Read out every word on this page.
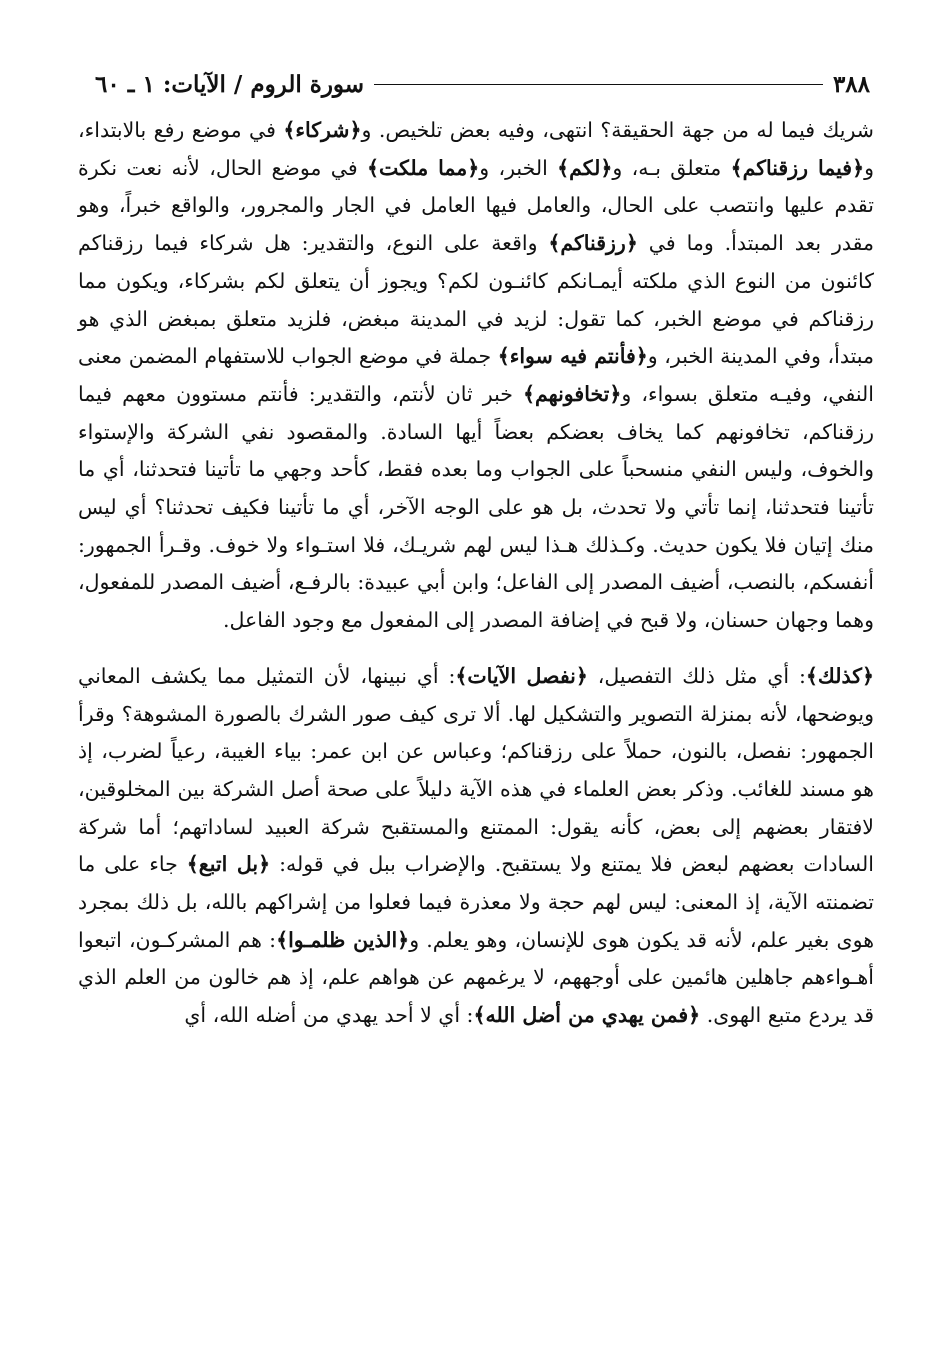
٣٨٨
سورة الروم / الآيات: ١ ـ ٦٠

شريك فيما له من جهة الحقيقة؟ انتهى، وفيه بعض تلخيص. و﴿شركاء﴾ في موضع رفع بالابتداء، و﴿فيما رزقناكم﴾ متعلق بـه، و﴿لكم﴾ الخبر، و﴿مما ملكت﴾ في موضع الحال، لأنه نعت نكرة تقدم عليها وانتصب على الحال، والعامل فيها العامل في الجار والمجرور، والواقع خبراً، وهو مقدر بعد المبتدأ. وما في ﴿رزقناكم﴾ واقعة على النوع، والتقدير: هل شركاء فيما رزقناكم كائنون من النوع الذي ملكته أيمـانكم كائنـون لكم؟ ويجوز أن يتعلق لكم بشركاء، ويكون مما رزقناكم في موضع الخبر، كما تقول: لزيد في المدينة مبغض، فلزيد متعلق بمبغض الذي هو مبتدأ، وفي المدينة الخبر، و﴿فأنتم فيه سواء﴾ جملة في موضع الجواب للاستفهام المضمن معنى النفي، وفيـه متعلق بسواء، و﴿تخافونهم﴾ خبر ثان لأنتم، والتقدير: فأنتم مستوون معهم فيما رزقناكم، تخافونهم كما يخاف بعضكم بعضاً أيها السادة. والمقصود نفي الشركة والإستواء والخوف، وليس النفي منسحباً على الجواب وما بعده فقط، كأحد وجهي ما تأتينا فتحدثنا، أي ما تأتينا فتحدثنا، إنما تأتي ولا تحدث، بل هو على الوجه الآخر، أي ما تأتينا فكيف تحدثنا؟ أي ليس منك إتيان فلا يكون حديث. وكـذلك هـذا ليس لهم شريـك، فلا استـواء ولا خوف. وقـرأ الجمهور: أنفسكم، بالنصب، أضيف المصدر إلى الفاعل؛ وابن أبي عبيدة: بالرفـع، أضيف المصدر للمفعول، وهما وجهان حسنان، ولا قبح في إضافة المصدر إلى المفعول مع وجود الفاعل.

﴿كذلك﴾: أي مثل ذلك التفصيل، ﴿نفصل الآيات﴾: أي نبينها، لأن التمثيل مما يكشف المعاني ويوضحها، لأنه بمنزلة التصوير والتشكيل لها. ألا ترى كيف صور الشرك بالصورة المشوهة؟ وقرأ الجمهور: نفصل، بالنون، حملاً على رزقناكم؛ وعباس عن ابن عمر: بياء الغيبة، رعياً لضرب، إذ هو مسند للغائب. وذكر بعض العلماء في هذه الآية دليلاً على صحة أصل الشركة بين المخلوقين، لافتقار بعضهم إلى بعض، كأنه يقول: الممتنع والمستقبح شركة العبيد لساداتهم؛ أما شركة السادات بعضهم لبعض فلا يمتنع ولا يستقبح. والإضراب ببل في قوله: ﴿بل اتبع﴾ جاء على ما تضمنته الآية، إذ المعنى: ليس لهم حجة ولا معذرة فيما فعلوا من إشراكهم بالله، بل ذلك بمجرد هوى بغير علم، لأنه قد يكون هوى للإنسان، وهو يعلم. و﴿الذين ظلمـوا﴾: هم المشركـون، اتبعوا أهـواءهم جاهلين هائمين على أوجههم، لا يرغمهم عن هواهم علم، إذ هم خالون من العلم الذي قد يردع متبع الهوى. ﴿فمن يهدي من أضل الله﴾: أي لا أحد يهدي من أضله الله، أي
